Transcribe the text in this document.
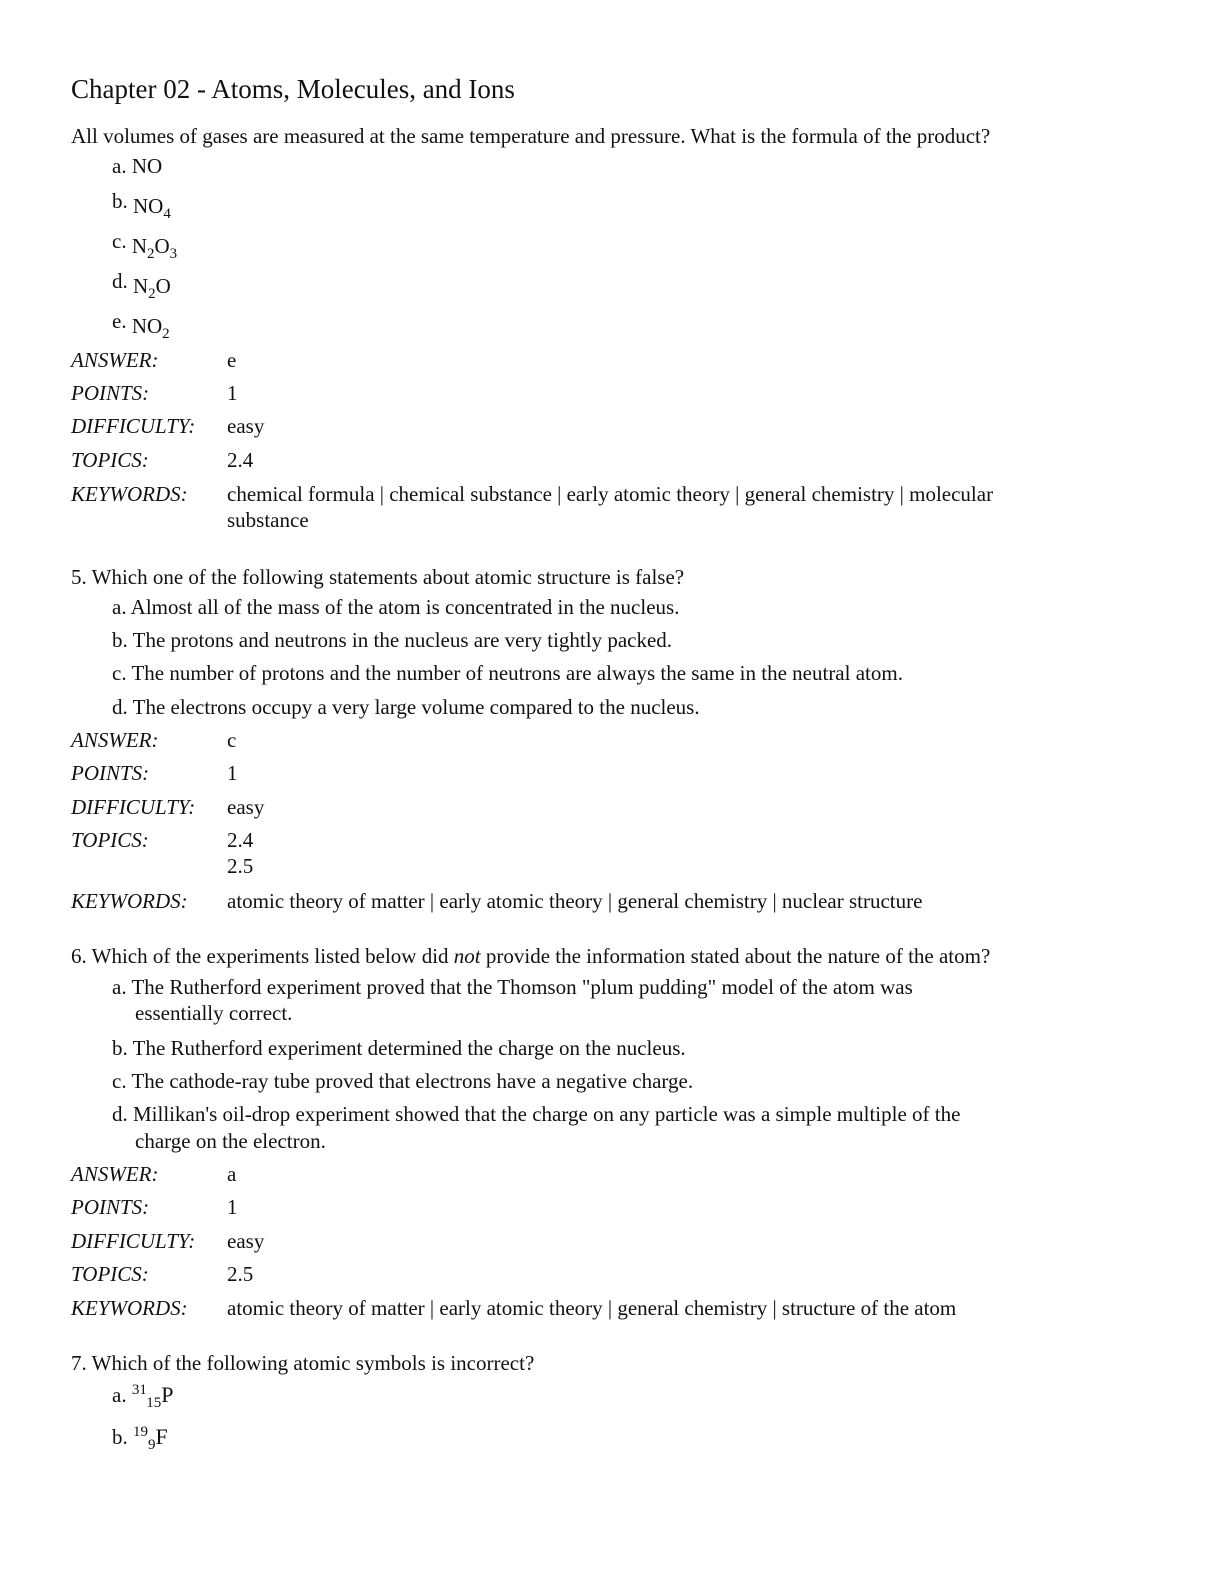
Chapter 02 - Atoms, Molecules, and Ions
All volumes of gases are measured at the same temperature and pressure. What is the formula of the product?
a. NO
b. $NO_4$
c. $N_2O_3$
d. $N_2O$
e. $NO_2$
ANSWER:	e
POINTS:	1
DIFFICULTY: easy
TOPICS:	2.4
KEYWORDS: chemical formula | chemical substance | early atomic theory | general chemistry | molecular
substance
5. Which one of the following statements about atomic structure is false?
a. Almost all of the mass of the atom is concentrated in the nucleus.
b. The protons and neutrons in the nucleus are very tightly packed.
c. The number of protons and the number of neutrons are always the same in the neutral atom.
d. The electrons occupy a very large volume compared to the nucleus.
ANSWER:	c
POINTS:	1
DIFFICULTY: easy
TOPICS:	2.4
2.5
KEYWORDS: atomic theory of matter | early atomic theory | general chemistry | nuclear structure
6. Which of the experiments listed below did not provide the information stated about the nature of the atom?
a. The Rutherford experiment proved that the Thomson "plum pudding" model of the atom was
essentially correct.
b. The Rutherford experiment determined the charge on the nucleus.
c. The cathode-ray tube proved that electrons have a negative charge.
d. Millikan's oil-drop experiment showed that the charge on any particle was a simple multiple of the
charge on the electron.
ANSWER:	a
POINTS:	1
DIFFICULTY: easy
TOPICS:	2.5
KEYWORDS: atomic theory of matter | early atomic theory | general chemistry | structure of the atom
7. Which of the following atomic symbols is incorrect?
a. $^{31}_{15}$P
b. $^{19}_9$F
